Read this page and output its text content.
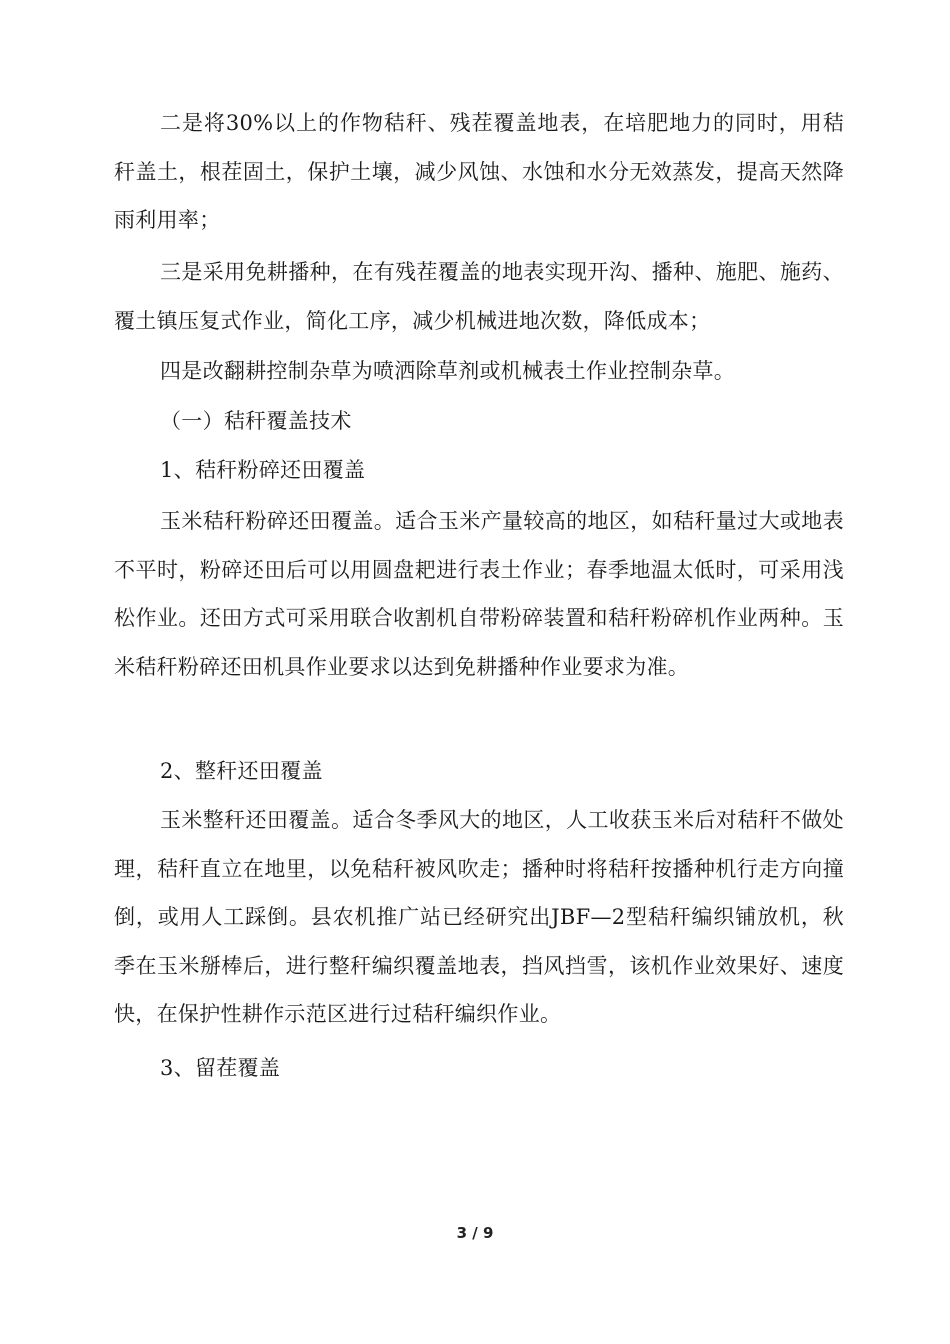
二是将30%以上的作物秸秆、残茬覆盖地表，在培肥地力的同时，用秸秆盖土，根茬固土，保护土壤，减少风蚀、水蚀和水分无效蒸发，提高天然降雨利用率；

三是采用免耕播种，在有残茬覆盖的地表实现开沟、播种、施肥、施药、覆土镇压复式作业，简化工序，减少机械进地次数，降低成本；

四是改翻耕控制杂草为喷洒除草剂或机械表土作业控制杂草。

（一）秸秆覆盖技术

1、秸秆粉碎还田覆盖

玉米秸秆粉碎还田覆盖。适合玉米产量较高的地区，如秸秆量过大或地表不平时，粉碎还田后可以用圆盘耙进行表土作业；春季地温太低时，可采用浅松作业。还田方式可采用联合收割机自带粉碎装置和秸秆粉碎机作业两种。玉米秸秆粉碎还田机具作业要求以达到免耕播种作业要求为准。

2、整秆还田覆盖

玉米整秆还田覆盖。适合冬季风大的地区，人工收获玉米后对秸秆不做处理，秸秆直立在地里，以免秸秆被风吹走；播种时将秸秆按播种机行走方向撞倒，或用人工踩倒。县农机推广站已经研究出JBF—2型秸秆编织铺放机，秋季在玉米掰棒后，进行整秆编织覆盖地表，挡风挡雪，该机作业效果好、速度快，在保护性耕作示范区进行过秸秆编织作业。

3、留茬覆盖

3 / 9
